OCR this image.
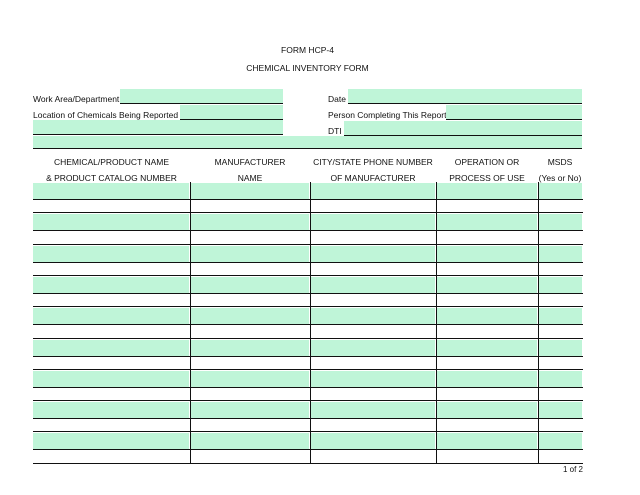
FORM HCP-4
CHEMICAL INVENTORY FORM
Work Area/Department	Date
Location of Chemicals Being Reported	Person Completing This Report
DTI
CHEMICAL/PRODUCT NAME
& PRODUCT CATALOG NUMBER
MANUFACTURER
NAME
CITY/STATE PHONE NUMBER
OF MANUFACTURER
OPERATION OR
PROCESS OF USE
MSDS
(Yes or No)
1 of 2
